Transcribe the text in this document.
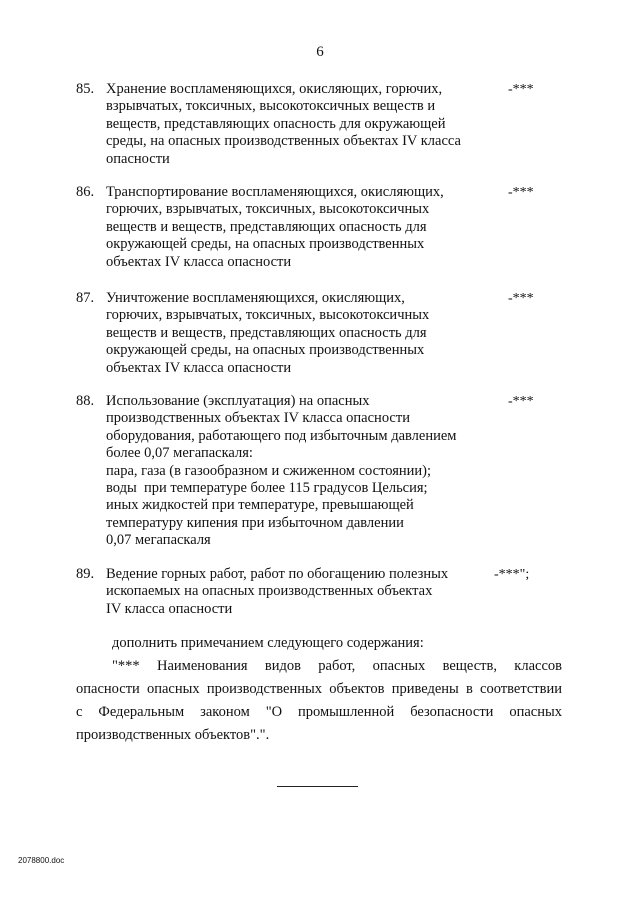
6
85. Хранение воспламеняющихся, окисляющих, горючих,
взрывчатых, токсичных, высокотоксичных веществ и
веществ, представляющих опасность для окружающей
среды, на опасных производственных объектах IV класса
опасности
-***
86. Транспортирование воспламеняющихся, окисляющих,
горючих, взрывчатых, токсичных, высокотоксичных
веществ и веществ, представляющих опасность для
окружающей среды, на опасных производственных
объектах IV класса опасности
-***
87. Уничтожение воспламеняющихся, окисляющих,
горючих, взрывчатых, токсичных, высокотоксичных
веществ и веществ, представляющих опасность для
окружающей среды, на опасных производственных
объектах IV класса опасности
-***
88. Использование (эксплуатация) на опасных
производственных объектах IV класса опасности
оборудования, работающего под избыточным давлением
более 0,07 мегапаскаля:
пара, газа (в газообразном и сжиженном состоянии);
воды  при температуре более 115 градусов Цельсия;
иных жидкостей при температуре, превышающей
температуру кипения при избыточном давлении
0,07 мегапаскаля
-***
89. Ведение горных работ, работ по обогащению полезных
ископаемых на опасных производственных объектах
IV класса опасности
-***";
дополнить примечанием следующего содержания:
"*** Наименования видов работ, опасных веществ, классов
опасности опасных производственных объектов приведены в соответствии
с Федеральным законом "О промышленной безопасности опасных
производственных объектов".".
2078800.doc
